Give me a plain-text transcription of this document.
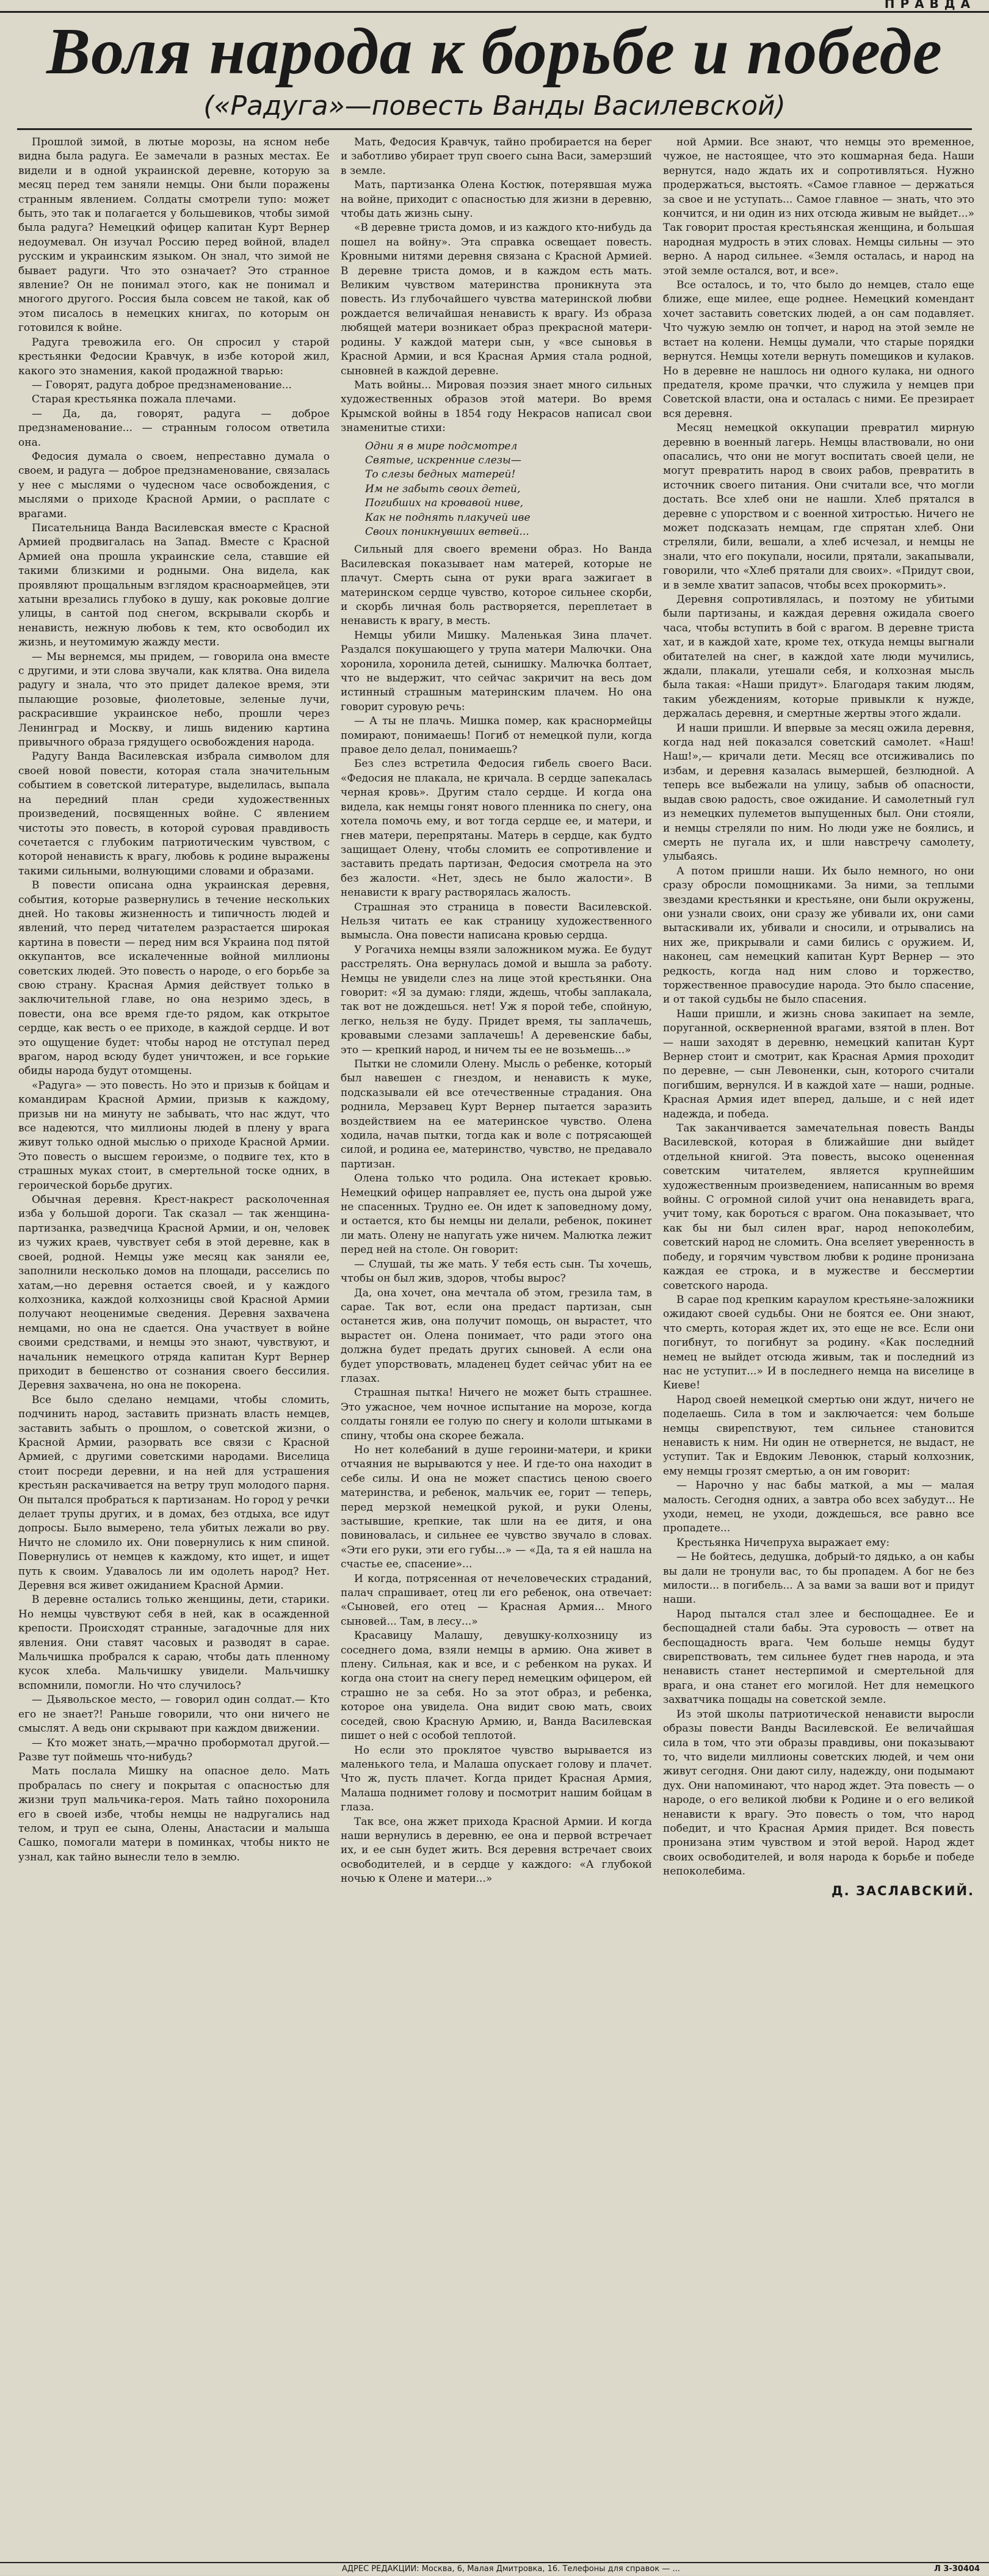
П Р А В Д А
Воля народа к борьбе и победе
(«Радуга»—повесть Ванды Василевской)

Прошлой зимой, в лютые морозы, на ясном небе видна была радуга. Ее замечали в разных местах. Ее видели и в одной украинской деревне, которую за месяц перед тем заняли немцы. Они были поражены странным явлением. Солдаты смотрели тупо: может быть, это так и полагается у большевиков, чтобы зимой была радуга? Немецкий офицер капитан Курт Вернер недоумевал. Он изучал Россию перед войной, владел русским и украинским языком. Он знал, что зимой не бывает радуги. Что это означает? Это странное явление? Он не понимал этого, как не понимал и многого другого. Россия была совсем не такой, как об этом писалось в немецких книгах, по которым он готовился к войне.

Радуга тревожила его. Он спросил у старой крестьянки Федосии Кравчук, в избе которой жил, какого это знамения, какой продажной тварью:

— Говорят, радуга доброе предзнаменование...

Старая крестьянка пожала плечами.

— Да, да, говорят, радуга — доброе предзнаменование... — странным голосом ответила она.

Федосия думала о своем, непреставно думала о своем, и радуга — доброе предзнаменование, связалась у нее с мыслями о чудесном часе освобождения, с мыслями о приходе Красной Армии, о расплате с врагами.

Писательница Ванда Василевская вместе с Красной Армией продвигалась на Запад. Вместе с Красной Армией она прошла украинские села, ставшие ей такими близкими и родными. Она видела, как проявляют прощальным взглядом красноармейцев, эти хатыни врезались глубоко в душу, как роковые долгие улицы, в сантой под снегом, вскрывали скорбь и ненависть, нежную любовь к тем, кто освободил их жизнь, и неутомимую жажду мести.

— Мы вернемся, мы придем, — говорила она вместе с другими, и эти слова звучали, как клятва. Она видела радугу и знала, что это придет далекое время, эти пылающие розовые, фиолетовые, зеленые лучи, раскрасившие украинское небо, прошли через Ленинград и Москву, и лишь видению картина привычного образа грядущего освобождения народа.

Радугу Ванда Василевская избрала символом для своей новой повести, которая стала значительным событием в советской литературе, выделилась, выпала на передний план среди художественных произведений, посвященных войне. С явлением чистоты это повесть, в которой суровая правдивость сочетается с глубоким патриотическим чувством, с которой ненависть к врагу, любовь к родине выражены такими сильными, волнующими словами и образами.

В повести описана одна украинская деревня, события, которые развернулись в течение нескольких дней. Но таковы жизненность и типичность людей и явлений, что перед читателем разрастается широкая картина в повести — перед ним вся Украина под пятой оккупантов, все искалеченные войной миллионы советских людей. Это повесть о народе, о его борьбе за свою страну. Красная Армия действует только в заключительной главе, но она незримо здесь, в повести, она все время где-то рядом, как открытое сердце, как весть о ее приходе, в каждой сердце. И вот это ощущение будет: чтобы народ не отступал перед врагом, народ всюду будет уничтожен, и все горькие обиды народа будут отомщены.

«Радуга» — это повесть. Но это и призыв к бойцам и командирам Красной Армии, призыв к каждому, призыв ни на минуту не забывать, что нас ждут, что все надеются, что миллионы людей в плену у врага живут только одной мыслью о приходе Красной Армии. Это повесть о высшем героизме, о подвиге тех, кто в страшных муках стоит, в смертельной тоске одних, в героической борьбе других.

Обычная деревня. Крест-накрест расколоченная изба у большой дороги. Так сказал — так женщина-партизанка, разведчица Красной Армии, и он, человек из чужих краев, чувствует себя в этой деревне, как в своей, родной. Немцы уже месяц как заняли ее, заполнили несколько домов на площади, расселись по хатам,—но деревня остается своей, и у каждого колхозника, каждой колхозницы свой Красной Армии получают неоценимые сведения. Деревня захвачена немцами, но она не сдается. Она участвует в войне своими средствами, и немцы это знают, чувствуют, и начальник немецкого отряда капитан Курт Вернер приходит в бешенство от сознания своего бессилия. Деревня захвачена, но она не покорена.

Все было сделано немцами, чтобы сломить, подчинить народ, заставить признать власть немцев, заставить забыть о прошлом, о советской жизни, о Красной Армии, разорвать все связи с Красной Армией, с другими советскими народами. Виселица стоит посреди деревни, и на ней для устрашения крестьян раскачивается на ветру труп молодого парня. Он пытался пробраться к партизанам. Но город у речки делает трупы других, и в домах, без отдыха, все идут допросы. Было вымерено, тела убитых лежали во рву. Ничто не сломило их. Они повернулись к ним спиной. Повернулись от немцев к каждому, кто ищет, и ищет путь к своим. Удавалось ли им одолеть народ? Нет. Деревня вся живет ожиданием Красной Армии.

В деревне остались только женщины, дети, старики. Но немцы чувствуют себя в ней, как в осажденной крепости. Происходят странные, загадочные для них явления. Они ставят часовых и разводят в сарае. Мальчишка пробрался к сараю, чтобы дать пленному кусок хлеба. Мальчишку увидели. Мальчишку вспомнили, помогли. Но что случилось?

— Дьявольское место, — говорил один солдат.— Кто его не знает?! Раньше говорили, что они ничего не смыслят. А ведь они скрывают при каждом движении.

— Кто может знать,—мрачно пробормотал другой.— Разве тут поймешь что-нибудь?

Мать послала Мишку на опасное дело. Мать пробралась по снегу и покрытая с опасностью для жизни труп мальчика-героя. Мать тайно похоронила его в своей избе, чтобы немцы не надругались над телом, и труп ее сына, Олены, Анастасии и малыша Сашко, помогали матери в поминках, чтобы никто не узнал, как тайно вынесли тело в землю.

Мать, Федосия Кравчук, тайно пробирается на берег и заботливо убирает труп своего сына Васи, замерзший в земле.

Мать, партизанка Олена Костюк, потерявшая мужа на войне, приходит с опасностью для жизни в деревню, чтобы дать жизнь сыну.

«В деревне триста домов, и из каждого кто-нибудь да пошел на войну». Эта справка освещает повесть. Кровными нитями деревня связана с Красной Армией. В деревне триста домов, и в каждом есть мать. Великим чувством материнства проникнута эта повесть. Из глубочайшего чувства материнской любви рождается величайшая ненависть к врагу. Из образа любящей матери возникает образ прекрасной матери-родины. У каждой матери сын, у «все сыновья в Красной Армии, и вся Красная Армия стала родной, сыновней в каждой деревне.

Мать войны... Мировая поэзия знает много сильных художественных образов этой матери. Во время Крымской войны в 1854 году Некрасов написал свои знаменитые стихи:

Одни я в мире подсмотрел
Святые, искренние слезы—
То слезы бедных матерей!
Им не забыть своих детей,
Погибших на кровавой ниве,
Как не поднять плакучей иве
Своих поникнувших ветвей...

Сильный для своего времени образ. Но Ванда Василевская показывает нам матерей, которые не плачут. Смерть сына от руки врага зажигает в материнском сердце чувство, которое сильнее скорби, и скорбь личная боль растворяется, переплетает в ненависть к врагу, в месть.

Немцы убили Мишку. Маленькая Зина плачет. Раздался покушающего у трупа матери Малючки. Она хоронила, хоронила детей, сынишку. Малючка болтает, что не выдержит, что сейчас закричит на весь дом истинный страшным материнским плачем. Но она говорит суровую речь:

— А ты не плачь. Мишка помер, как краснормейцы помирают, понимаешь! Погиб от немецкой пули, когда правое дело делал, понимаешь?

Без слез встретила Федосия гибель своего Васи. «Федосия не плакала, не кричала. В сердце запекалась черная кровь». Другим стало сердце. И когда она видела, как немцы гонят нового пленника по снегу, она хотела помочь ему, и вот тогда сердце ее, и матери, и гнев матери, перепрятаны. Матерь в сердце, как будто защищает Олену, чтобы сломить ее сопротивление и заставить предать партизан, Федосия смотрела на это без жалости. «Нет, здесь не было жалости». В ненависти к врагу растворялась жалость.

Страшная это страница в повести Василевской. Нельзя читать ее как страницу художественного вымысла. Она повести написана кровью сердца.

У Рогачиха немцы взяли заложником мужа. Ее будут расстрелять. Она вернулась домой и вышла за работу. Немцы не увидели слез на лице этой крестьянки. Она говорит: «Я за думаю: гляди, ждешь, чтобы заплакала, так вот не дождешься. нет! Уж я порой тебе, спойную, легко, нельзя не буду. Придет время, ты заплачешь, кровавыми слезами заплачешь! А деревенские бабы, это — крепкий народ, и ничем ты ее не возьмешь...»

Пытки не сломили Олену. Мысль о ребенке, который был навешен с гнездом, и ненависть к муке, подсказывали ей все отечественные страдания. Она роднила, Мерзавец Курт Вернер пытается заразить воздействием на ее материнское чувство. Олена ходила, начав пытки, тогда как и воле с потрясающей силой, и родина ее, материнство, чувство, не предавало партизан.

Олена только что родила. Она истекает кровью. Немецкий офицер направляет ее, пусть она дырой уже не спасенных. Трудно ее. Он идет к заповедному дому, и остается, кто бы немцы ни делали, ребенок, покинет ли мать. Олену не напугать уже ничем. Малютка лежит перед ней на столе. Он говорит:

— Слушай, ты же мать. У тебя есть сын. Ты хочешь, чтобы он был жив, здоров, чтобы вырос?

Да, она хочет, она мечтала об этом, грезила там, в сарае. Так вот, если она предаст партизан, сын останется жив, она получит помощь, он вырастет, что вырастет он. Олена понимает, что ради этого она должна будет предать других сыновей. А если она будет упорствовать, младенец будет сейчас убит на ее глазах.

Страшная пытка! Ничего не может быть страшнее. Это ужасное, чем ночное испытание на морозе, когда солдаты гоняли ее голую по снегу и кололи штыками в спину, чтобы она скорее бежала.

Но нет колебаний в душе героини-матери, и крики отчаяния не вырываются у нее. И где-то она находит в себе силы. И она не может спастись ценою своего материнства, и ребенок, мальчик ее, горит — теперь, перед мерзкой немецкой рукой, и руки Олены, застывшие, крепкие, так шли на ее дитя, и она повиновалась, и сильнее ее чувство звучало в словах. «Эти его руки, эти его губы...» — «Да, та я ей нашла на счастье ее, спасение»...

И когда, потрясенная от нечеловеческих страданий, палач спрашивает, отец ли его ребенок, она отвечает: «Сыновей, его отец — Красная Армия... Много сыновей... Там, в лесу...»

Красавицу Малашу, девушку-колхозницу из соседнего дома, взяли немцы в армию. Она живет в плену. Сильная, как и все, и с ребенком на руках. И когда она стоит на снегу перед немецким офицером, ей страшно не за себя. Но за этот образ, и ребенка, которое она увидела. Она видит свою мать, своих соседей, свою Красную Армию, и, Ванда Василевская пишет о ней с особой теплотой.

Но если это проклятое чувство вырывается из маленького тела, и Малаша опускает голову и плачет. Что ж, пусть плачет. Когда придет Красная Армия, Малаша поднимет голову и посмотрит нашим бойцам в глаза.

Так все, она жжет прихода Красной Армии. И когда наши вернулись в деревню, ее она и первой встречает их, и ее сын будет жить. Вся деревня встречает своих освободителей, и в сердце у каждого: «А глубокой ночью к Олене и матери...»

ной Армии. Все знают, что немцы это временное, чужое, не настоящее, что это кошмарная беда. Наши вернутся, надо ждать их и сопротивляться. Нужно продержаться, выстоять. «Самое главное — держаться за свое и не уступать... Самое главное — знать, что это кончится, и ни один из них отсюда живым не выйдет...» Так говорит простая крестьянская женщина, и большая народная мудрость в этих словах. Немцы сильны — это верно. А народ сильнее. «Земля осталась, и народ на этой земле остался, вот, и все».

Все осталось, и то, что было до немцев, стало еще ближе, еще милее, еще роднее. Немецкий комендант хочет заставить советских людей, а он сам подавляет. Что чужую землю он топчет, и народ на этой земле не встает на колени. Немцы думали, что старые порядки вернутся. Немцы хотели вернуть помещиков и кулаков. Но в деревне не нашлось ни одного кулака, ни одного предателя, кроме прачки, что служила у немцев при Советской власти, она и осталась с ними. Ее презирает вся деревня.

Месяц немецкой оккупации превратил мирную деревню в военный лагерь. Немцы властвовали, но они опасались, что они не могут воспитать своей цели, не могут превратить народ в своих рабов, превратить в источник своего питания. Они считали все, что могли достать. Все хлеб они не нашли. Хлеб прятался в деревне с упорством и с военной хитростью. Ничего не может подсказать немцам, где спрятан хлеб. Они стреляли, били, вешали, а хлеб исчезал, и немцы не знали, что его покупали, носили, прятали, закапывали, говорили, что «Хлеб прятали для своих». «Придут свои, и в земле хватит запасов, чтобы всех прокормить».

Деревня сопротивлялась, и поэтому не убитыми были партизаны, и каждая деревня ожидала своего часа, чтобы вступить в бой с врагом. В деревне триста хат, и в каждой хате, кроме тех, откуда немцы выгнали обитателей на снег, в каждой хате люди мучились, ждали, плакали, утешали себя, и колхозная мысль была такая: «Наши придут». Благодаря таким людям, таким убеждениям, которые привыкли к нужде, держалась деревня, и смертные жертвы этого ждали.

И наши пришли. И впервые за месяц ожила деревня, когда над ней показался советский самолет. «Наш! Наш!»,— кричали дети. Месяц все отсиживались по избам, и деревня казалась вымершей, безлюдной. А теперь все выбежали на улицу, забыв об опасности, выдав свою радость, свое ожидание. И самолетный гул из немецких пулеметов выпущенных был. Они стояли, и немцы стреляли по ним. Но люди уже не боялись, и смерть не пугала их, и шли навстречу самолету, улыбаясь.

А потом пришли наши. Их было немного, но они сразу обросли помощниками. За ними, за теплыми звездами крестьянки и крестьяне, они были окружены, они узнали своих, они сразу же убивали их, они сами вытаскивали их, убивали и сносили, и отрывались на них же, прикрывали и сами бились с оружием. И, наконец, сам немецкий капитан Курт Вернер — это редкость, когда над ним слово и торжество, торжественное правосудие народа. Это было спасение, и от такой судьбы не было спасения.

Наши пришли, и жизнь снова закипает на земле, поруганной, оскверненной врагами, взятой в плен. Вот — наши заходят в деревню, немецкий капитан Курт Вернер стоит и смотрит, как Красная Армия проходит по деревне, — сын Левоненки, сын, которого считали погибшим, вернулся. И в каждой хате — наши, родные. Красная Армия идет вперед, дальше, и с ней идет надежда, и победа.

Так заканчивается замечательная повесть Ванды Василевской, которая в ближайшие дни выйдет отдельной книгой. Эта повесть, высоко оцененная советским читателем, является крупнейшим художественным произведением, написанным во время войны. С огромной силой учит она ненавидеть врага, учит тому, как бороться с врагом. Она показывает, что как бы ни был силен враг, народ непоколебим, советский народ не сломить. Она вселяет уверенность в победу, и горячим чувством любви к родине пронизана каждая ее строка, и в мужестве и бессмертии советского народа.

В сарае под крепким караулом крестьяне-заложники ожидают своей судьбы. Они не боятся ее. Они знают, что смерть, которая ждет их, это еще не все. Если они погибнут, то погибнут за родину. «Как последний немец не выйдет отсюда живым, так и последний из нас не уступит...» И в последнего немца на виселице в Киеве!

Народ своей немецкой смертью они ждут, ничего не поделаешь. Сила в том и заключается: чем больше немцы свирепствуют, тем сильнее становится ненависть к ним. Ни один не отвернется, не выдаст, не уступит. Так и Евдоким Левонюк, старый колхозник, ему немцы грозят смертью, а он им говорит:

— Нарочно у нас бабы маткой, а мы — малая малость. Сегодня одних, а завтра обо всех забудут... Не уходи, немец, не уходи, дождешься, все равно все пропадете...

Крестьянка Ничепруха выражает ему:

— Не бойтесь, дедушка, добрый-то дядько, а он кабы вы дали не тронули вас, то бы пропадем. А бог не без милости... в погибель... А за вами за ваши вот и придут наши.

Народ пытался стал злее и беспощаднее. Ее и беспощадней стали бабы. Эта суровость — ответ на беспощадность врага. Чем больше немцы будут свирепствовать, тем сильнее будет гнев народа, и эта ненависть станет нестерпимой и смертельной для врага, и она станет его могилой. Нет для немецкого захватчика пощады на советской земле.

Из этой школы патриотической ненависти выросли образы повести Ванды Василевской. Ее величайшая сила в том, что эти образы правдивы, они показывают то, что видели миллионы советских людей, и чем они живут сегодня. Они дают силу, надежду, они подымают дух. Они напоминают, что народ ждет. Эта повесть — о народе, о его великой любви к Родине и о его великой ненависти к врагу. Это повесть о том, что народ победит, и что Красная Армия придет. Вся повесть пронизана этим чувством и этой верой. Народ ждет своих освободителей, и воля народа к борьбе и победе непоколебима.

Д. ЗАСЛАВСКИЙ.
АДРЕС РЕДАКЦИИ: Москва, 6, Малая Дмитровка, 16. Телефоны для справок — ...	Л 3-30404
